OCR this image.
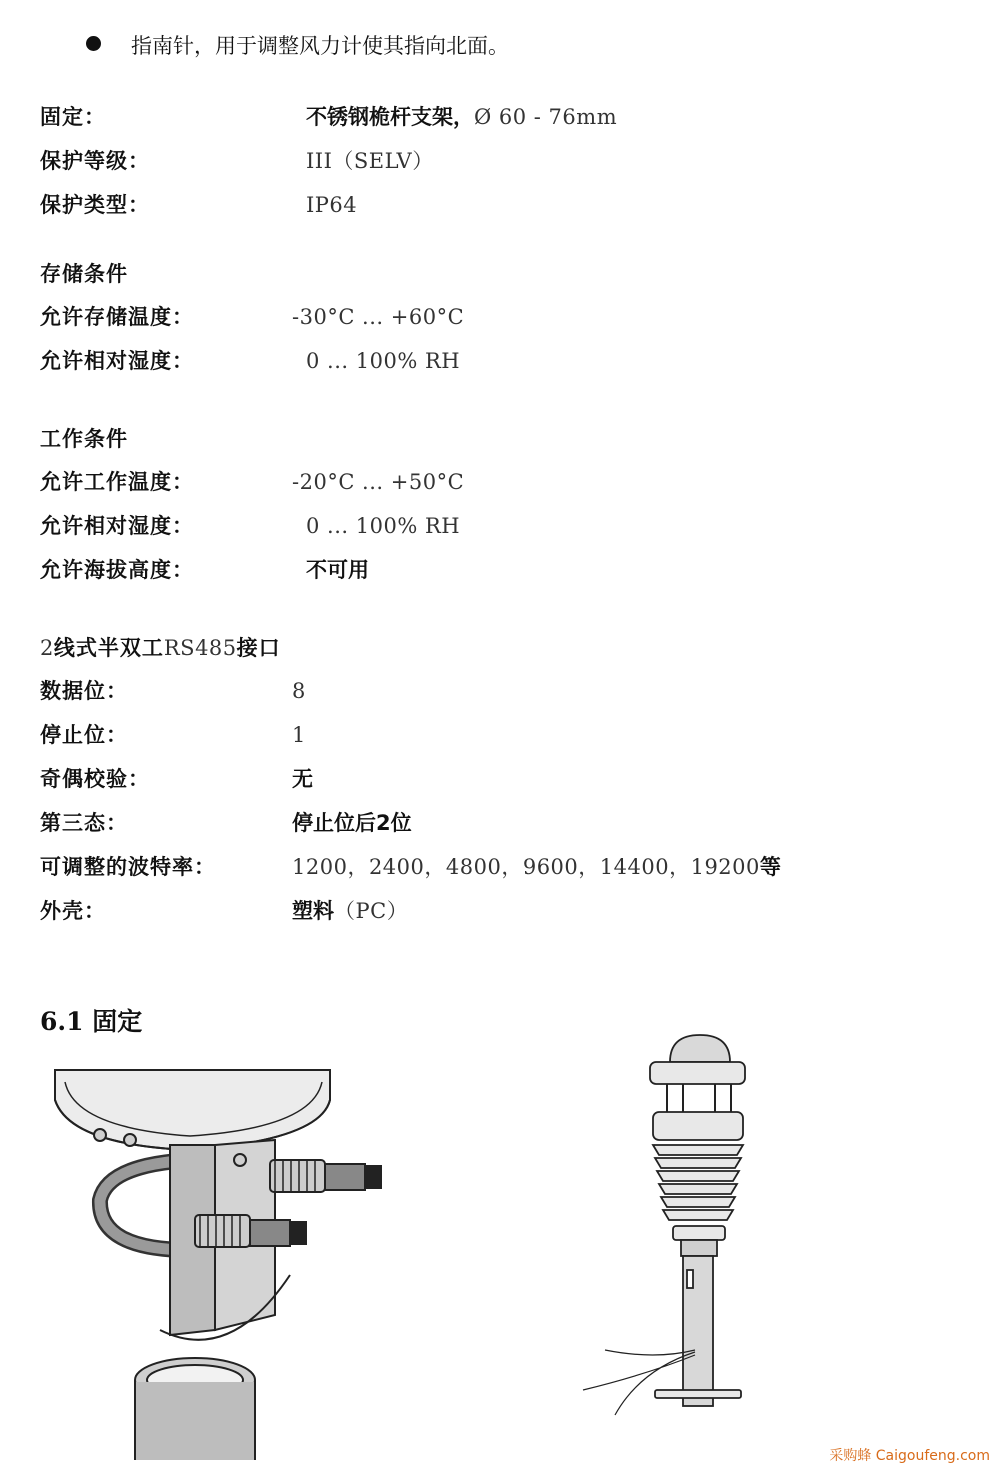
指南针，用于调整风力计使其指向北面。
固定：	不锈钢桅杆支架，Ø 60 - 76mm
保护等级：	III（SELV）
保护类型：	IP64
存储条件
允许存储温度：	-30°C ... +60°C
允许相对湿度：	0 ... 100% RH
工作条件
允许工作温度：	-20°C ... +50°C
允许相对湿度：	0 ... 100% RH
允许海拔高度：	不可用
2线式半双工RS485接口
数据位：	8
停止位：	1
奇偶校验：	无
第三态：	停止位后2位
可调整的波特率：	1200，2400，4800，9600，14400，19200等
外壳：	塑料（PC）
6.1 固定
采购蜂 Caigoufeng.com
